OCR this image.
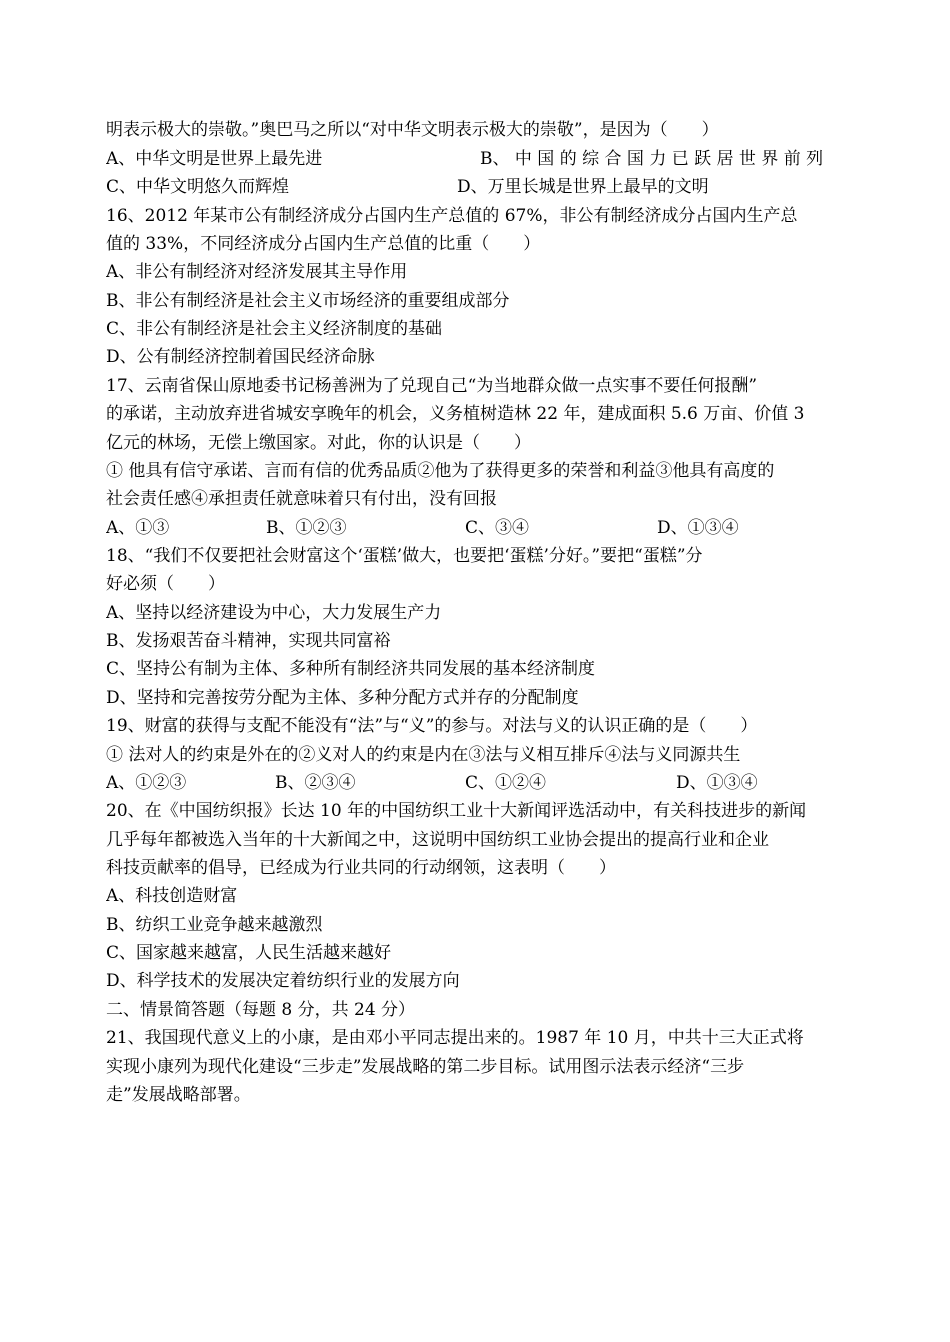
明表示极大的崇敬。”奥巴马之所以“对中华文明表示极大的崇敬”，是因为（　　）
A、中华文明是世界上最先进	B、 中 国 的 综 合 国 力 已 跃 居 世 界 前 列
C、中华文明悠久而辉煌	D、万里长城是世界上最早的文明
16、2012 年某市公有制经济成分占国内生产总值的 67%，非公有制经济成分占国内生产总
值的 33%，不同经济成分占国内生产总值的比重（　　）
A、非公有制经济对经济发展其主导作用
B、非公有制经济是社会主义市场经济的重要组成部分
C、非公有制经济是社会主义经济制度的基础
D、公有制经济控制着国民经济命脉
17、云南省保山原地委书记杨善洲为了兑现自己“为当地群众做一点实事不要任何报酬”
的承诺，主动放弃进省城安享晚年的机会，义务植树造林 22 年，建成面积 5.6 万亩、价值 3
亿元的林场，无偿上缴国家。对此，你的认识是（　　）
① 他具有信守承诺、言而有信的优秀品质②他为了获得更多的荣誉和利益③他具有高度的
社会责任感④承担责任就意味着只有付出，没有回报
A、①③	B、①②③	C、③④	D、①③④
18、“我们不仅要把社会财富这个‘蛋糕’做大，也要把‘蛋糕’分好。”要把“蛋糕”分
好必须（　　）
A、坚持以经济建设为中心，大力发展生产力
B、发扬艰苦奋斗精神，实现共同富裕
C、坚持公有制为主体、多种所有制经济共同发展的基本经济制度
D、坚持和完善按劳分配为主体、多种分配方式并存的分配制度
19、财富的获得与支配不能没有“法”与“义”的参与。对法与义的认识正确的是（　　）
① 法对人的约束是外在的②义对人的约束是内在③法与义相互排斥④法与义同源共生
A、①②③	B、②③④	C、①②④	D、①③④
20、在《中国纺织报》长达 10 年的中国纺织工业十大新闻评选活动中，有关科技进步的新闻
几乎每年都被选入当年的十大新闻之中，这说明中国纺织工业协会提出的提高行业和企业
科技贡献率的倡导，已经成为行业共同的行动纲领，这表明（　　）
A、科技创造财富
B、纺织工业竞争越来越激烈
C、国家越来越富，人民生活越来越好
D、科学技术的发展决定着纺织行业的发展方向
二、情景简答题（每题 8 分，共 24 分）
21、我国现代意义上的小康，是由邓小平同志提出来的。1987 年 10 月，中共十三大正式将
实现小康列为现代化建设“三步走”发展战略的第二步目标。试用图示法表示经济“三步
走”发展战略部署。
